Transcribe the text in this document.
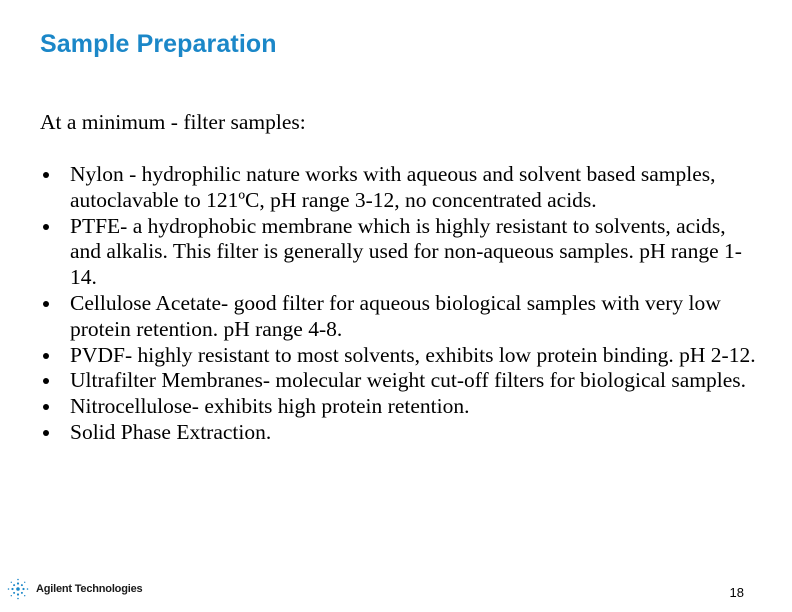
Sample Preparation
At a minimum - filter samples:
Nylon - hydrophilic nature works with aqueous and solvent based samples, autoclavable to 121ºC, pH range 3-12, no concentrated acids.
PTFE- a hydrophobic membrane which is highly resistant to solvents, acids, and alkalis. This filter is generally used for non-aqueous samples. pH range 1-14.
Cellulose Acetate- good filter for aqueous biological samples with very low protein retention. pH range 4-8.
PVDF- highly resistant to most solvents, exhibits low protein binding. pH 2-12.
Ultrafilter Membranes- molecular weight cut-off filters for biological samples.
Nitrocellulose- exhibits high protein retention.
Solid Phase Extraction.
Agilent Technologies	18
